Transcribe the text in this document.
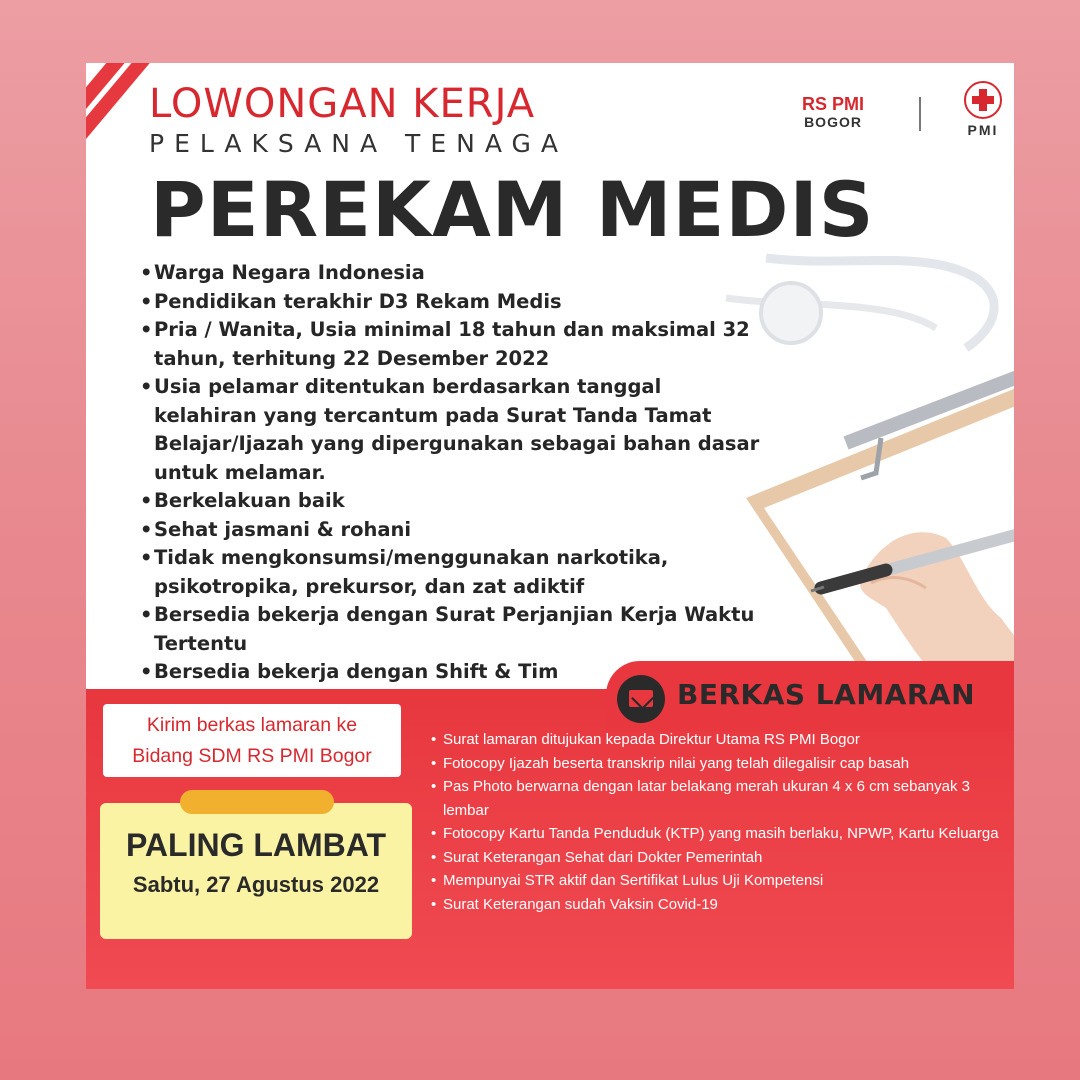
LOWONGAN KERJA
PELAKSANA TENAGA
PEREKAM MEDIS
RS PMI
BOGOR	PMI
• Warga Negara Indonesia
• Pendidikan terakhir D3 Rekam Medis
• Pria / Wanita, Usia minimal 18 tahun dan maksimal 32 tahun, terhitung 22 Desember 2022
• Usia pelamar ditentukan berdasarkan tanggal kelahiran yang tercantum pada Surat Tanda Tamat Belajar/Ijazah yang dipergunakan sebagai bahan dasar untuk melamar.
• Berkelakuan baik
• Sehat jasmani & rohani
• Tidak mengkonsumsi/menggunakan narkotika, psikotropika, prekursor, dan zat adiktif
• Bersedia bekerja dengan Surat Perjanjian Kerja Waktu Tertentu
• Bersedia bekerja dengan Shift & Tim
BERKAS LAMARAN
Kirim berkas lamaran ke
Bidang SDM RS PMI Bogor
PALING LAMBAT
Sabtu, 27 Agustus 2022
• Surat lamaran ditujukan kepada Direktur Utama RS PMI Bogor
• Fotocopy Ijazah beserta transkrip nilai yang telah dilegalisir cap basah
• Pas Photo berwarna dengan latar belakang merah ukuran 4 x 6 cm sebanyak 3 lembar
• Fotocopy Kartu Tanda Penduduk (KTP) yang masih berlaku, NPWP, Kartu Keluarga
• Surat Keterangan Sehat dari Dokter Pemerintah
• Mempunyai STR aktif dan Sertifikat Lulus Uji Kompetensi
• Surat Keterangan sudah Vaksin Covid-19
